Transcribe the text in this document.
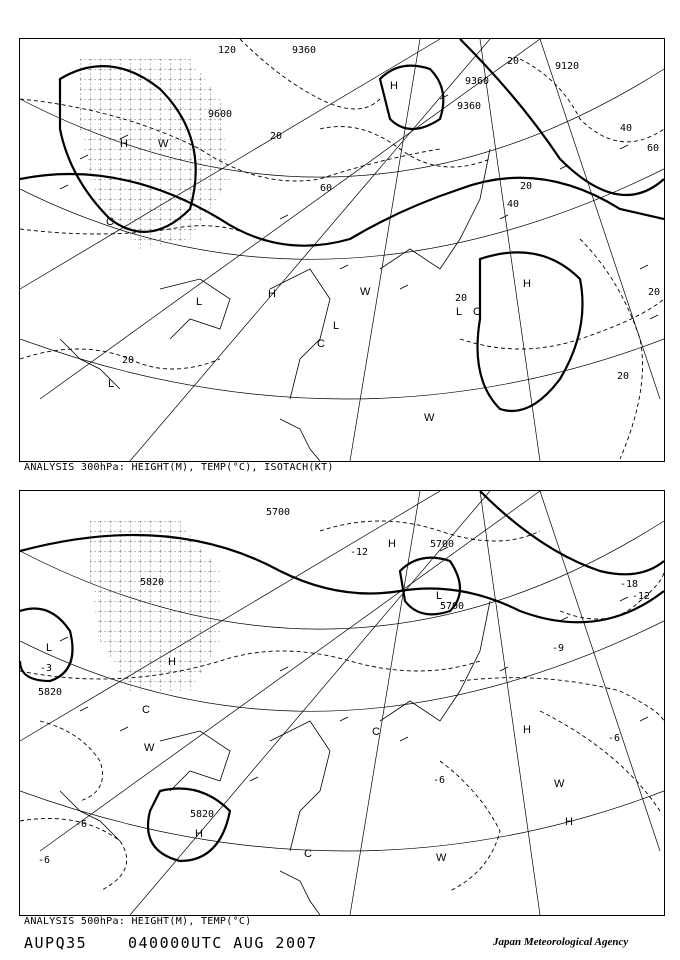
9360
9120
9360
9600
9360
120
20
20
40
40
60
60	20
20
20
20
20
H
H
H
H
L
L
L
L
C
C
C
W
W
W
ANALYSIS 300hPa: HEIGHT(M), TEMP(°C), ISOTACH(KT)
5700
5700
5700
5820
5820
5820
-12
-18
-12
-9
-6
-6
-6
-6
-3
H
H
H
H
H
L
L
C
C
C
W
W
W
ANALYSIS 500hPa: HEIGHT(M), TEMP(°C)
AUPQ35	040000UTC AUG 2007	Japan Meteorological Agency
